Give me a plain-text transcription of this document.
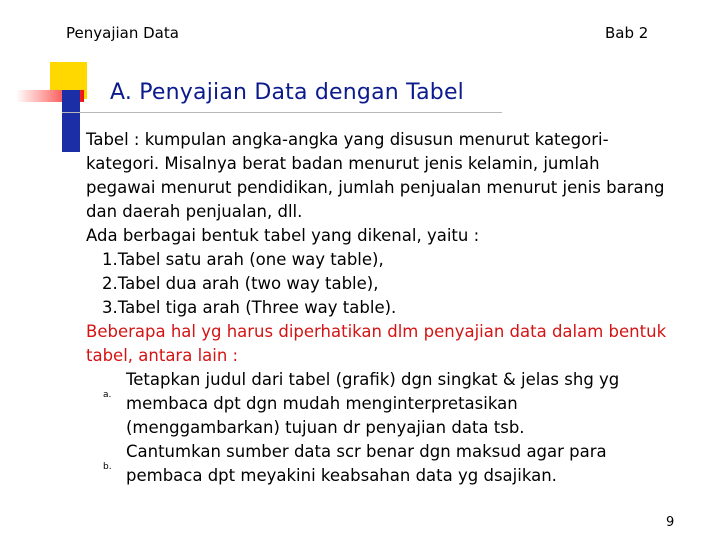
Penyajian Data	Bab 2
A. Penyajian Data dengan Tabel
Tabel : kumpulan angka-angka yang disusun menurut kategori-
kategori. Misalnya berat badan menurut jenis kelamin, jumlah
pegawai menurut pendidikan, jumlah penjualan menurut jenis barang
dan daerah penjualan, dll.
Ada berbagai bentuk tabel yang dikenal, yaitu :
1.Tabel satu arah (one way table),
2.Tabel dua arah (two way table),
3.Tabel tiga arah (Three way table).
Beberapa hal yg harus diperhatikan dlm penyajian data dalam bentuk
tabel, antara lain :
a.
Tetapkan judul dari tabel (grafik) dgn singkat & jelas shg yg
membaca dpt dgn mudah menginterpretasikan
(menggambarkan) tujuan dr penyajian data tsb.
b.
Cantumkan sumber data scr benar dgn maksud agar para
pembaca dpt meyakini keabsahan data yg dsajikan.
9
